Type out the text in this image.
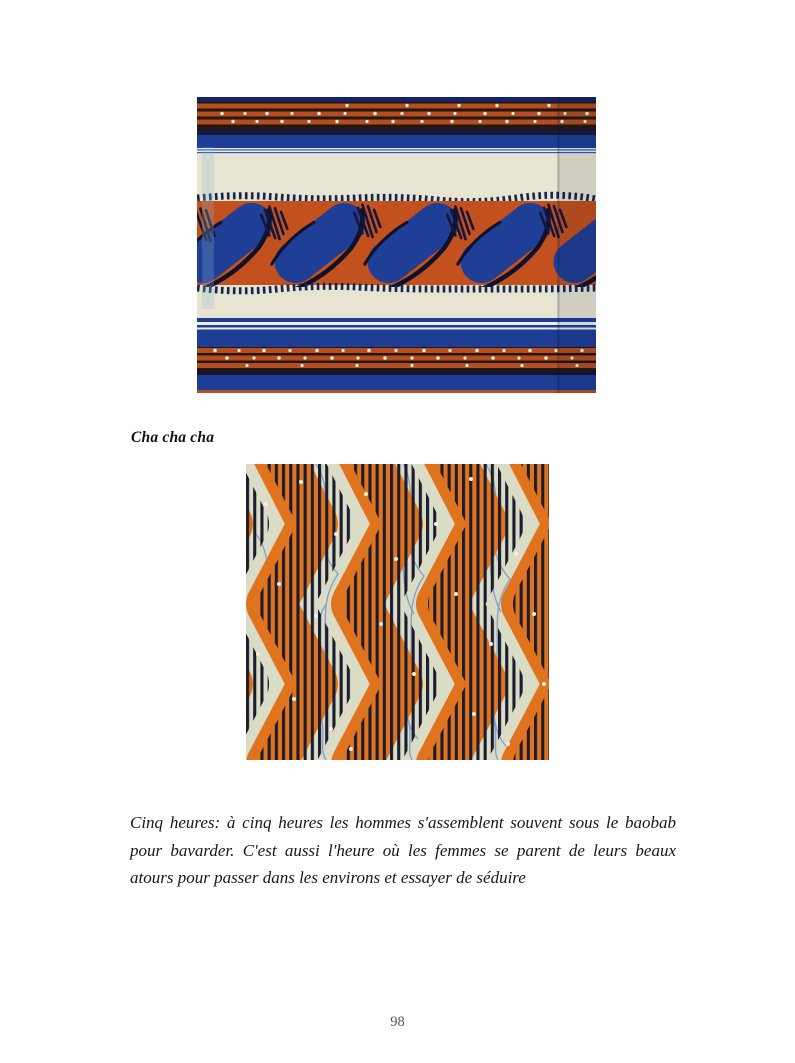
Cha cha cha

Cinq heures: à cinq heures les hommes s'assemblent souvent sous le baobab
pour bavarder. C'est aussi l'heure où les femmes se parent de leurs beaux
atours pour passer dans les environs et essayer de séduire

98
